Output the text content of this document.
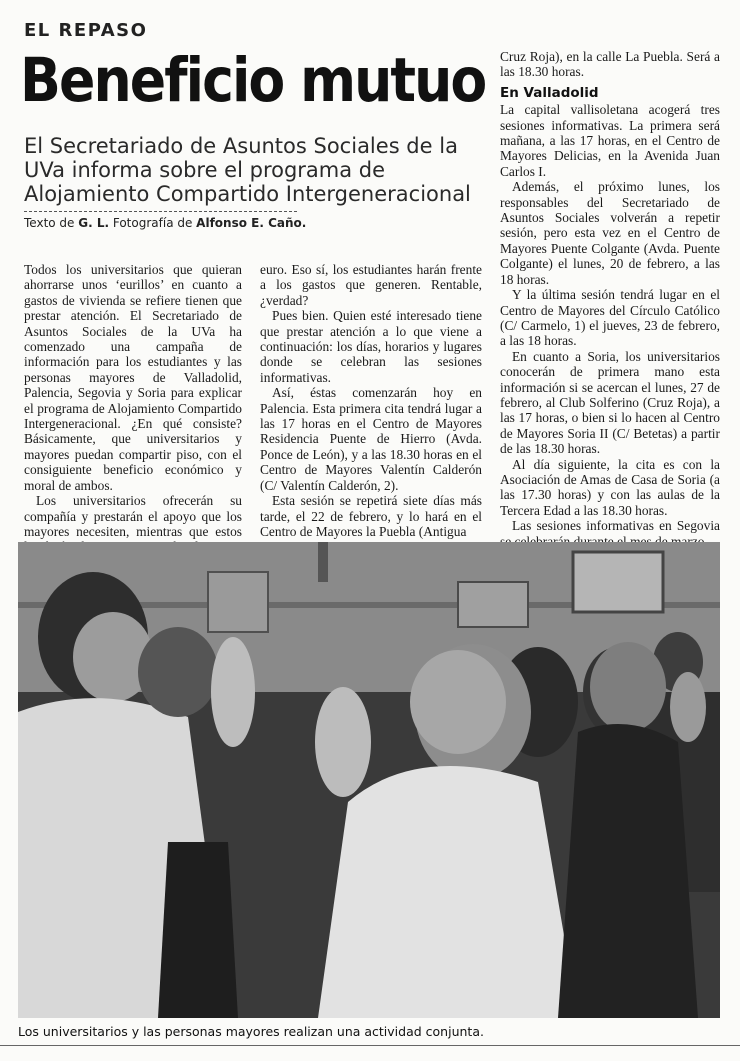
EL REPASO
Beneficio mutuo
El Secretariado de Asuntos Sociales de la UVa informa sobre el programa de Alojamiento Compartido Intergeneracional
Texto de G. L. Fotografía de Alfonso E. Caño.

Todos los universitarios que quieran ahorrarse unos ‘eurillos’ en cuanto a gastos de vivienda se refiere tienen que prestar atención. El Secretariado de Asuntos Sociales de la UVa ha comenzado una campaña de información para los estudiantes y las personas mayores de Valladolid, Palencia, Segovia y Soria para explicar el programa de Alojamiento Compartido Intergeneracional. ¿En qué consiste? Básicamente, que universitarios y mayores puedan compartir piso, con el consiguiente beneficio económico y moral de ambos.

Los universitarios ofrecerán su compañía y prestarán el apoyo que los mayores necesiten, mientras que estos

euro. Eso sí, los estudiantes harán frente a los gastos que generen. Rentable, ¿verdad?

Pues bien. Quien esté interesado tiene que prestar atención a lo que viene a continuación: los días, horarios y lugares donde se celebran las sesiones informativas.

Así, éstas comenzarán hoy en Palencia. Esta primera cita tendrá lugar a las 17 horas en el Centro de Mayores Residencia Puente de Hierro (Avda. Ponce de León), y a las 18.30 horas en el Centro de Mayores Valentín Calderón (C/ Valentín Calderón, 2).

Esta sesión se repetirá siete días más tarde, el 22 de febrero, y lo hará en el Centro de Mayores la Puebla (Antigua

Cruz Roja), en la calle La Puebla. Será a las 18.30 horas.

En Valladolid

La capital vallisoletana acogerá tres sesiones informativas. La primera será mañana, a las 17 horas, en el Centro de Mayores Delicias, en la Avenida Juan Carlos I.

Además, el próximo lunes, los responsables del Secretariado de Asuntos Sociales volverán a repetir sesión, pero esta vez en el Centro de Mayores Puente Colgante (Avda. Puente Colgante) el lunes, 20 de febrero, a las 18 horas.

Y la última sesión tendrá lugar en el Centro de Mayores del Círculo Católico (C/ Carmelo, 1) el jueves, 23 de febrero, a las 18 horas.

En cuanto a Soria, los universitarios conocerán de primera mano esta información si se acercan el lunes, 27 de febrero, al Club Solferino (Cruz Roja), a las 17 horas, o bien si lo hacen al Centro de Mayores Soria II (C/ Betetas) a partir de las 18.30 horas.

Al día siguiente, la cita es con la Asociación de Amas de Casa de Soria (a las 17.30 horas) y con las aulas de la Tercera Edad a las 18.30 horas.

Las sesiones informativas en Segovia

Los universitarios y las personas mayores realizan una actividad conjunta.
